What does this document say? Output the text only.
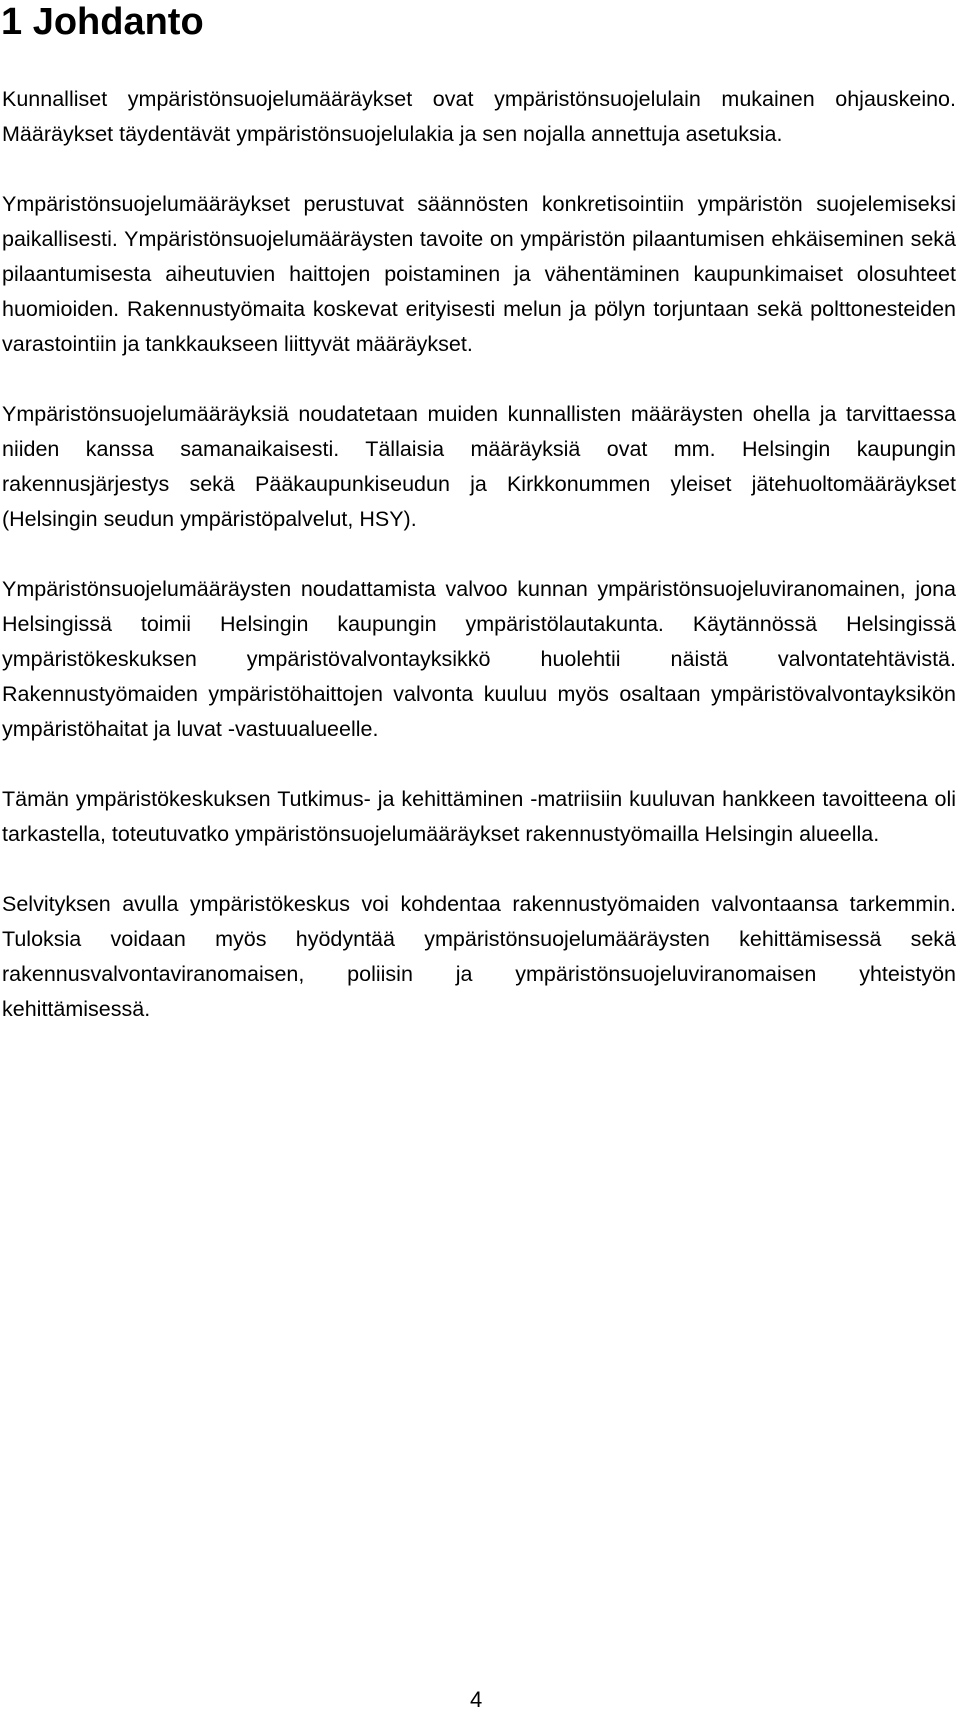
1 Johdanto

Kunnalliset ympäristönsuojelumääräykset ovat ympäristönsuojelulain mukainen ohjauskeino. Määräykset täydentävät ympäristönsuojelulakia ja sen nojalla annettuja asetuksia.

Ympäristönsuojelumääräykset perustuvat säännösten konkretisointiin ympäristön suojelemiseksi paikallisesti. Ympäristönsuojelumääräysten tavoite on ympäristön pilaantumisen ehkäiseminen sekä pilaantumisesta aiheutuvien haittojen poistaminen ja vähentäminen kaupunkimaiset olosuhteet huomioiden. Rakennustyömaita koskevat erityisesti melun ja pölyn torjuntaan sekä polttonesteiden varastointiin ja tankkaukseen liittyvät määräykset.

Ympäristönsuojelumääräyksiä noudatetaan muiden kunnallisten määräysten ohella ja tarvittaessa niiden kanssa samanaikaisesti. Tällaisia määräyksiä ovat mm. Helsingin kaupungin rakennusjärjestys sekä Pääkaupunkiseudun ja Kirkkonummen yleiset jätehuoltomääräykset (Helsingin seudun ympäristöpalvelut, HSY).

Ympäristönsuojelumääräysten noudattamista valvoo kunnan ympäristönsuojeluviranomainen, jona Helsingissä toimii Helsingin kaupungin ympäristölautakunta. Käytännössä Helsingissä ympäristökeskuksen ympäristövalvontayksikkö huolehtii näistä valvontatehtävistä. Rakennustyömaiden ympäristöhaittojen valvonta kuuluu myös osaltaan ympäristövalvontayksikön ympäristöhaitat ja luvat -vastuualueelle.

Tämän ympäristökeskuksen Tutkimus- ja kehittäminen -matriisiin kuuluvan hankkeen tavoitteena oli tarkastella, toteutuvatko ympäristönsuojelumääräykset rakennustyömailla Helsingin alueella.

Selvityksen avulla ympäristökeskus voi kohdentaa rakennustyömaiden valvontaansa tarkemmin. Tuloksia voidaan myös hyödyntää ympäristönsuojelumääräysten kehittämisessä sekä rakennusvalvontaviranomaisen, poliisin ja ympäristönsuojeluviranomaisen yhteistyön kehittämisessä.

4
